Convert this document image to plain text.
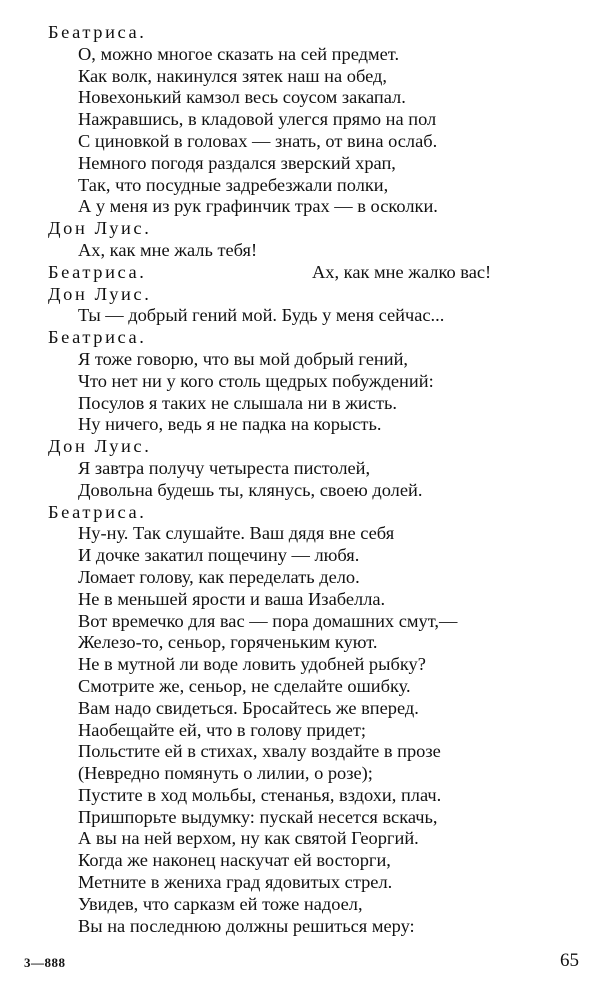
Беатриса.
О, можно многое сказать на сей предмет.
Как волк, накинулся зятек наш на обед,
Новехонький камзол весь соусом закапал.
Нажравшись, в кладовой улегся прямо на пол
С циновкой в головах — знать, от вина ослаб.
Немного погодя раздался зверский храп,
Так, что посудные задребезжали полки,
А у меня из рук графинчик трах — в осколки.
Дон Луис.
Ах, как мне жаль тебя!
Беатриса.	Ах, как мне жалко вас!
Дон Луис.
Ты — добрый гений мой. Будь у меня сейчас...
Беатриса.
Я тоже говорю, что вы мой добрый гений,
Что нет ни у кого столь щедрых побуждений:
Посулов я таких не слышала ни в жисть.
Ну ничего, ведь я не падка на корысть.
Дон Луис.
Я завтра получу четыреста пистолей,
Довольна будешь ты, клянусь, своею долей.
Беатриса.
Ну-ну. Так слушайте. Ваш дядя вне себя
И дочке закатил пощечину — любя.
Ломает голову, как переделать дело.
Не в меньшей ярости и ваша Изабелла.
Вот времечко для вас — пора домашних смут,—
Железо-то, сеньор, горяченьким куют.
Не в мутной ли воде ловить удобней рыбку?
Смотрите же, сеньор, не сделайте ошибку.
Вам надо свидеться. Бросайтесь же вперед.
Наобещайте ей, что в голову придет;
Польстите ей в стихах, хвалу воздайте в прозе
(Невредно помянуть о лилии, о розе);
Пустите в ход мольбы, стенанья, вздохи, плач.
Пришпорьте выдумку: пускай несется вскачь,
А вы на ней верхом, ну как святой Георгий.
Когда же наконец наскучат ей восторги,
Метните в жениха град ядовитых стрел.
Увидев, что сарказм ей тоже надоел,
Вы на последнюю должны решиться меру:
3—888	65
